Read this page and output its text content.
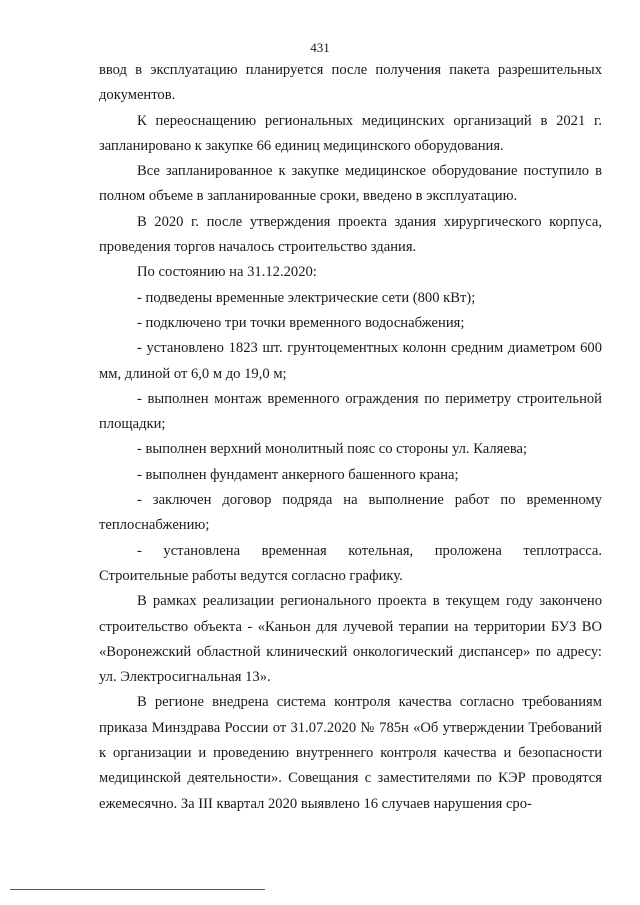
431

ввод в эксплуатацию планируется после получения пакета разрешительных документов.

К переоснащению региональных медицинских организаций в 2021 г. запланировано к закупке 66 единиц медицинского оборудования.

Все запланированное к закупке медицинское оборудование поступило в полном объеме в запланированные сроки, введено в эксплуатацию.

В 2020 г. после утверждения проекта здания хирургического корпуса, проведения торгов началось строительство здания.

По состоянию на 31.12.2020:

- подведены временные электрические сети (800 кВт);

- подключено три точки временного водоснабжения;

- установлено 1823 шт. грунтоцементных колонн средним диаметром 600 мм, длиной от 6,0 м до 19,0 м;

- выполнен монтаж временного ограждения по периметру строительной площадки;

- выполнен верхний монолитный пояс со стороны ул. Каляева;

- выполнен фундамент анкерного башенного крана;

- заключен договор подряда на выполнение работ по временному теплоснабжению;

- установлена временная котельная, проложена теплотрасса. Строительные работы ведутся согласно графику.

В рамках реализации регионального проекта в текущем году закончено строительство объекта - «Каньон для лучевой терапии на территории БУЗ ВО «Воронежский областной клинический онкологический диспансер» по адресу: ул. Электросигнальная 13».

В регионе внедрена система контроля качества согласно требованиям приказа Минздрава России от 31.07.2020 № 785н «Об утверждении Требований к организации и проведению внутреннего контроля качества и безопасности медицинской деятельности». Совещания с заместителями по КЭР проводятся ежемесячно. За III квартал 2020 выявлено 16 случаев нарушения сро-
